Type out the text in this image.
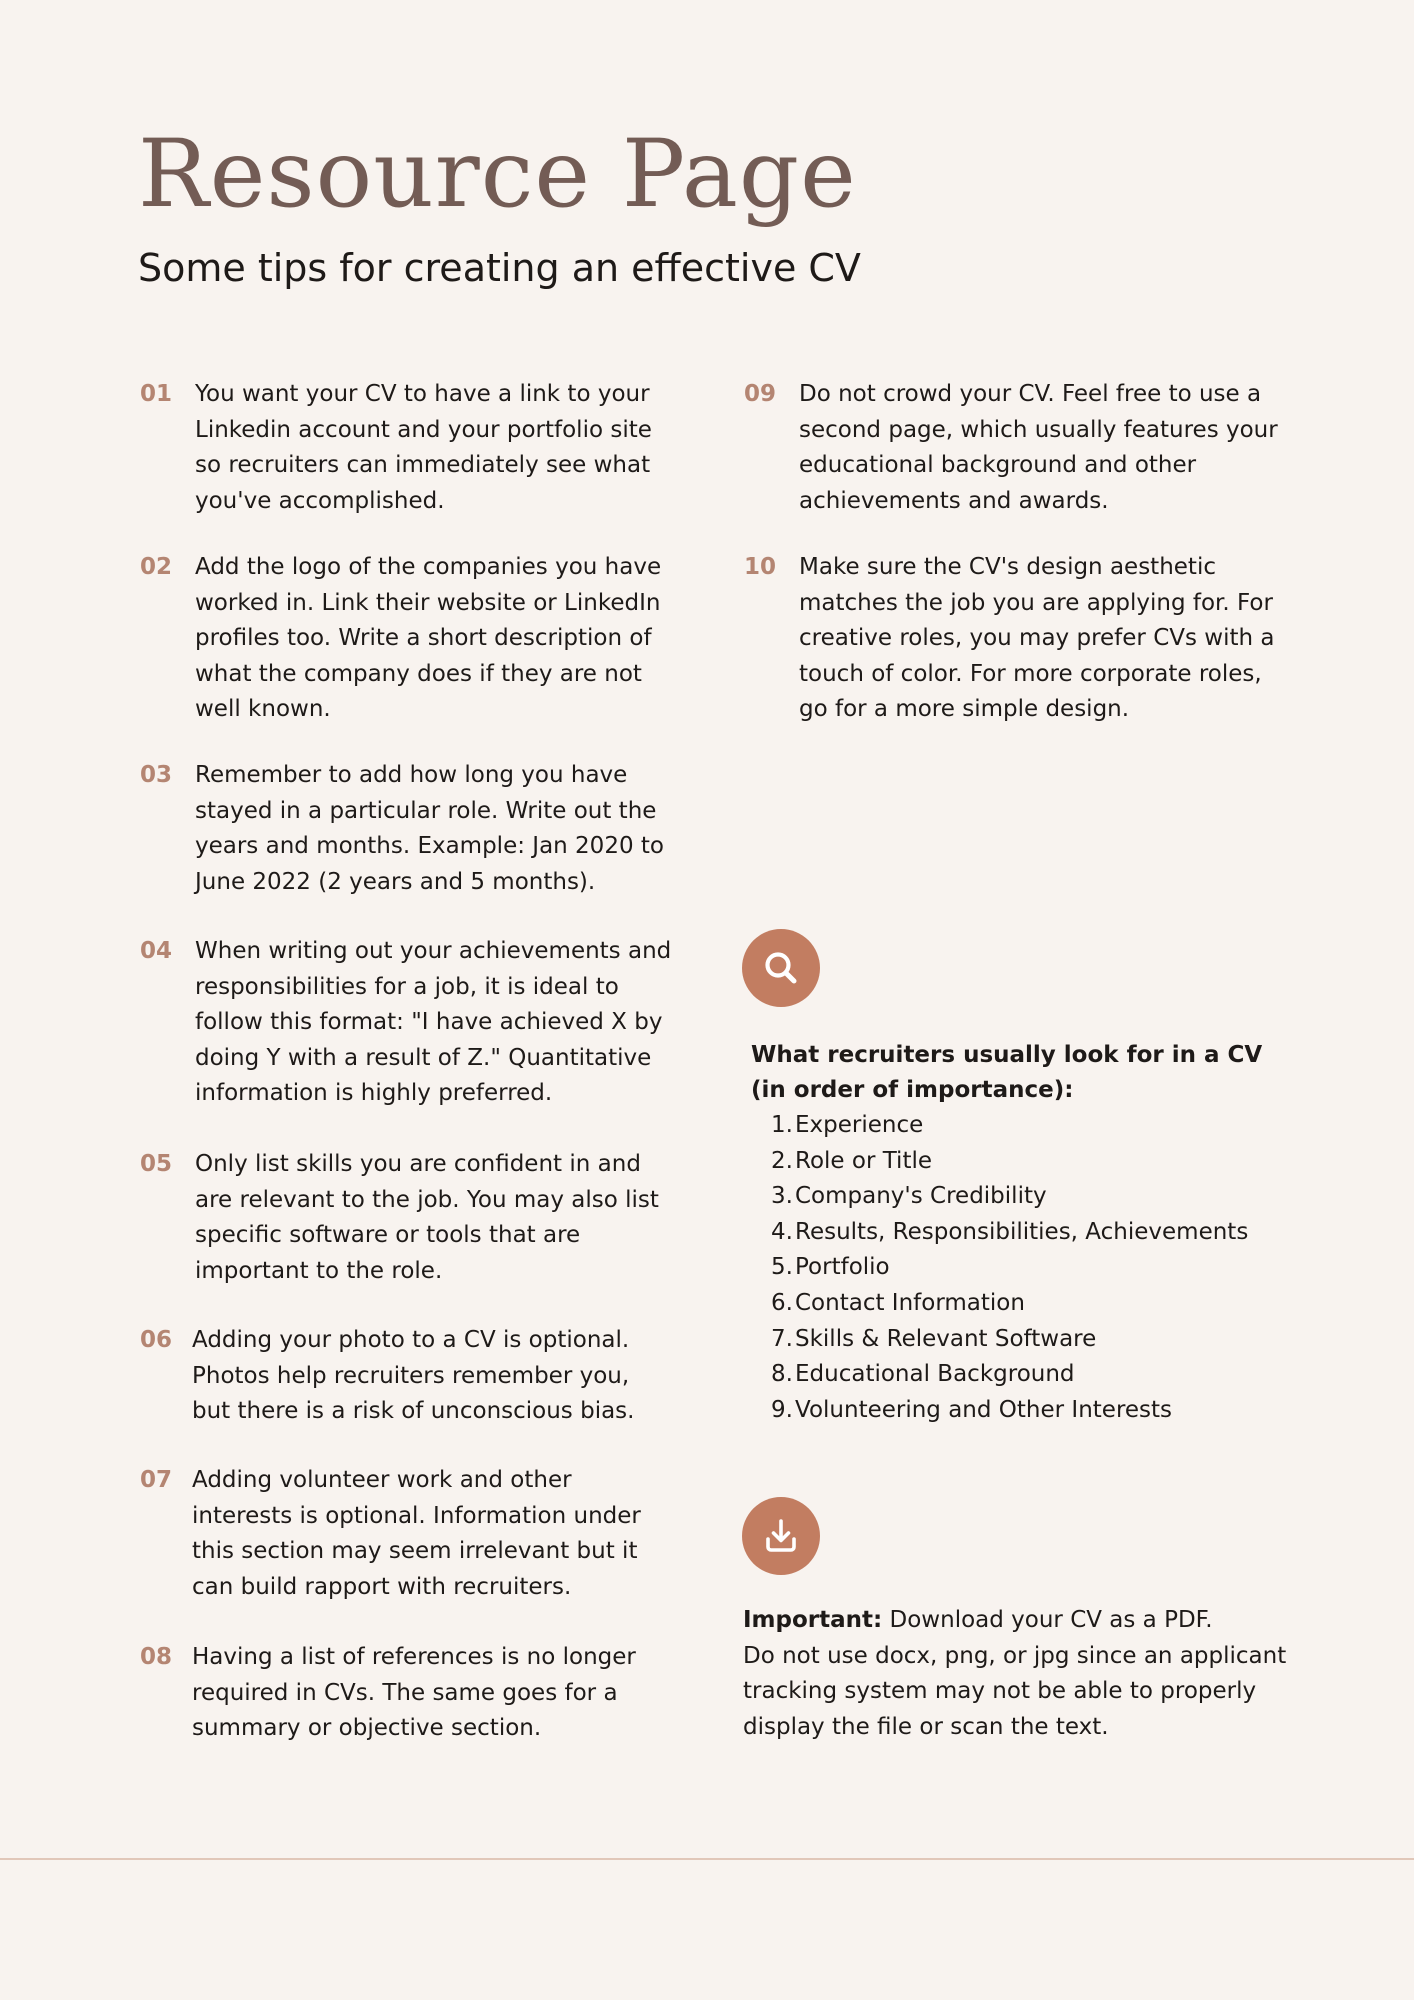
Resource Page
Some tips for creating an effective CV
01 You want your CV to have a link to your
Linkedin account and your portfolio site
so recruiters can immediately see what
you've accomplished.

02 Add the logo of the companies you have
worked in. Link their website or LinkedIn
profiles too. Write a short description of
what the company does if they are not
well known.

03 Remember to add how long you have
stayed in a particular role. Write out the
years and months. Example: Jan 2020 to
June 2022 (2 years and 5 months).

04 When writing out your achievements and
responsibilities for a job, it is ideal to
follow this format: "I have achieved X by
doing Y with a result of Z." Quantitative
information is highly preferred.

05 Only list skills you are confident in and
are relevant to the job. You may also list
specific software or tools that are
important to the role.

06 Adding your photo to a CV is optional.
Photos help recruiters remember you,
but there is a risk of unconscious bias.

07 Adding volunteer work and other
interests is optional. Information under
this section may seem irrelevant but it
can build rapport with recruiters.

08 Having a list of references is no longer
required in CVs. The same goes for a
summary or objective section.

09 Do not crowd your CV. Feel free to use a
second page, which usually features your
educational background and other
achievements and awards.

10 Make sure the CV's design aesthetic
matches the job you are applying for. For
creative roles, you may prefer CVs with a
touch of color. For more corporate roles,
go for a more simple design.

What recruiters usually look for in a CV
(in order of importance):

1. Experience
2. Role or Title
3. Company's Credibility
4. Results, Responsibilities, Achievements
5. Portfolio
6. Contact Information
7. Skills & Relevant Software
8. Educational Background
9. Volunteering and Other Interests

Important: Download your CV as a PDF.
Do not use docx, png, or jpg since an applicant
tracking system may not be able to properly
display the file or scan the text.
